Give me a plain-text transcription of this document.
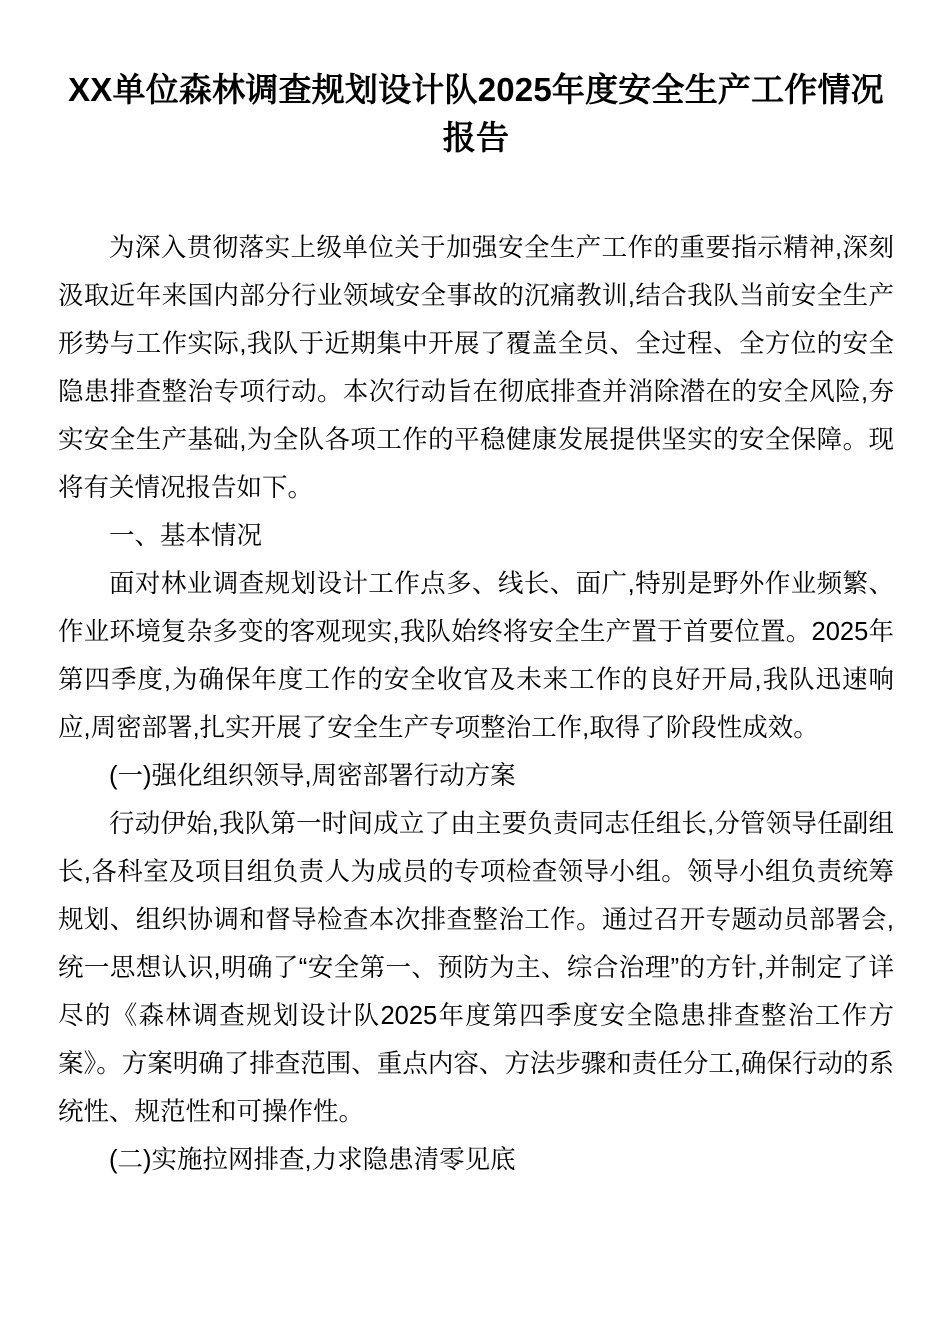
XX单位森林调查规划设计队2025年度安全生产工作情况报告

为深入贯彻落实上级单位关于加强安全生产工作的重要指示精神,深刻汲取近年来国内部分行业领域安全事故的沉痛教训,结合我队当前安全生产形势与工作实际,我队于近期集中开展了覆盖全员、全过程、全方位的安全隐患排查整治专项行动。本次行动旨在彻底排查并消除潜在的安全风险,夯实安全生产基础,为全队各项工作的平稳健康发展提供坚实的安全保障。现将有关情况报告如下。

一、基本情况

面对林业调查规划设计工作点多、线长、面广,特别是野外作业频繁、作业环境复杂多变的客观现实,我队始终将安全生产置于首要位置。2025年第四季度,为确保年度工作的安全收官及未来工作的良好开局,我队迅速响应,周密部署,扎实开展了安全生产专项整治工作,取得了阶段性成效。

(一)强化组织领导,周密部署行动方案

行动伊始,我队第一时间成立了由主要负责同志任组长,分管领导任副组长,各科室及项目组负责人为成员的专项检查领导小组。领导小组负责统筹规划、组织协调和督导检查本次排查整治工作。通过召开专题动员部署会,统一思想认识,明确了“安全第一、预防为主、综合治理”的方针,并制定了详尽的《森林调查规划设计队2025年度第四季度安全隐患排查整治工作方案》。方案明确了排查范围、重点内容、方法步骤和责任分工,确保行动的系统性、规范性和可操作性。

(二)实施拉网排查,力求隐患清零见底
